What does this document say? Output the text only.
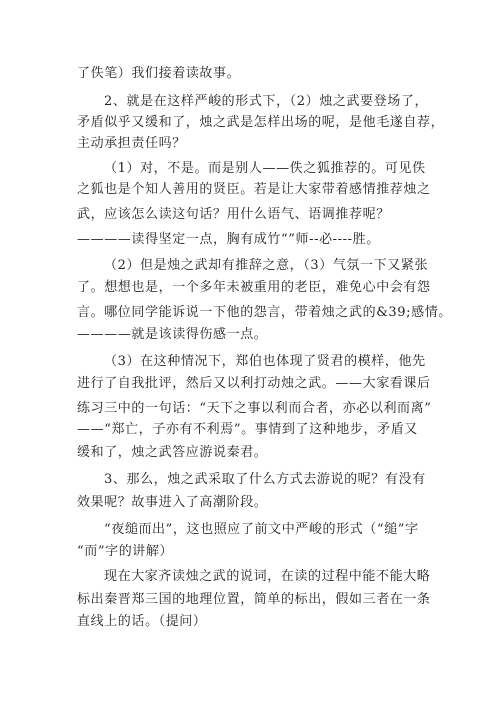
了佚笔）我们接着读故事。
2、就是在这样严峻的形式下，（2）烛之武要登场了，
矛盾似乎又缓和了，烛之武是怎样出场的呢，是他毛遂自荐，
主动承担责任吗？
（1）对，不是。而是别人——佚之狐推荐的。可见佚
之狐也是个知人善用的贤臣。若是让大家带着感情推荐烛之
武，应该怎么读这句话？用什么语气、语调推荐呢？
————读得坚定一点，胸有成竹“”师--必----胜。
（2）但是烛之武却有推辞之意，（3）气氛一下又紧张
了。想想也是，一个多年未被重用的老臣，难免心中会有怨
言。哪位同学能诉说一下他的怨言，带着烛之武的&39;感情。
————就是该读得伤感一点。
（3）在这种情况下，郑伯也体现了贤君的模样，他先
进行了自我批评，然后又以利打动烛之武。——大家看课后
练习三中的一句话：“天下之事以利而合者，亦必以利而离”
——“郑亡，子亦有不利焉”。事情到了这种地步，矛盾又
缓和了，烛之武答应游说秦君。
3、那么，烛之武采取了什么方式去游说的呢？有没有
效果呢？故事进入了高潮阶段。
“夜缒而出”，这也照应了前文中严峻的形式（“缒”字
“而”字的讲解）
现在大家齐读烛之武的说词，在读的过程中能不能大略
标出秦晋郑三国的地理位置，简单的标出，假如三者在一条
直线上的话。（提问）
